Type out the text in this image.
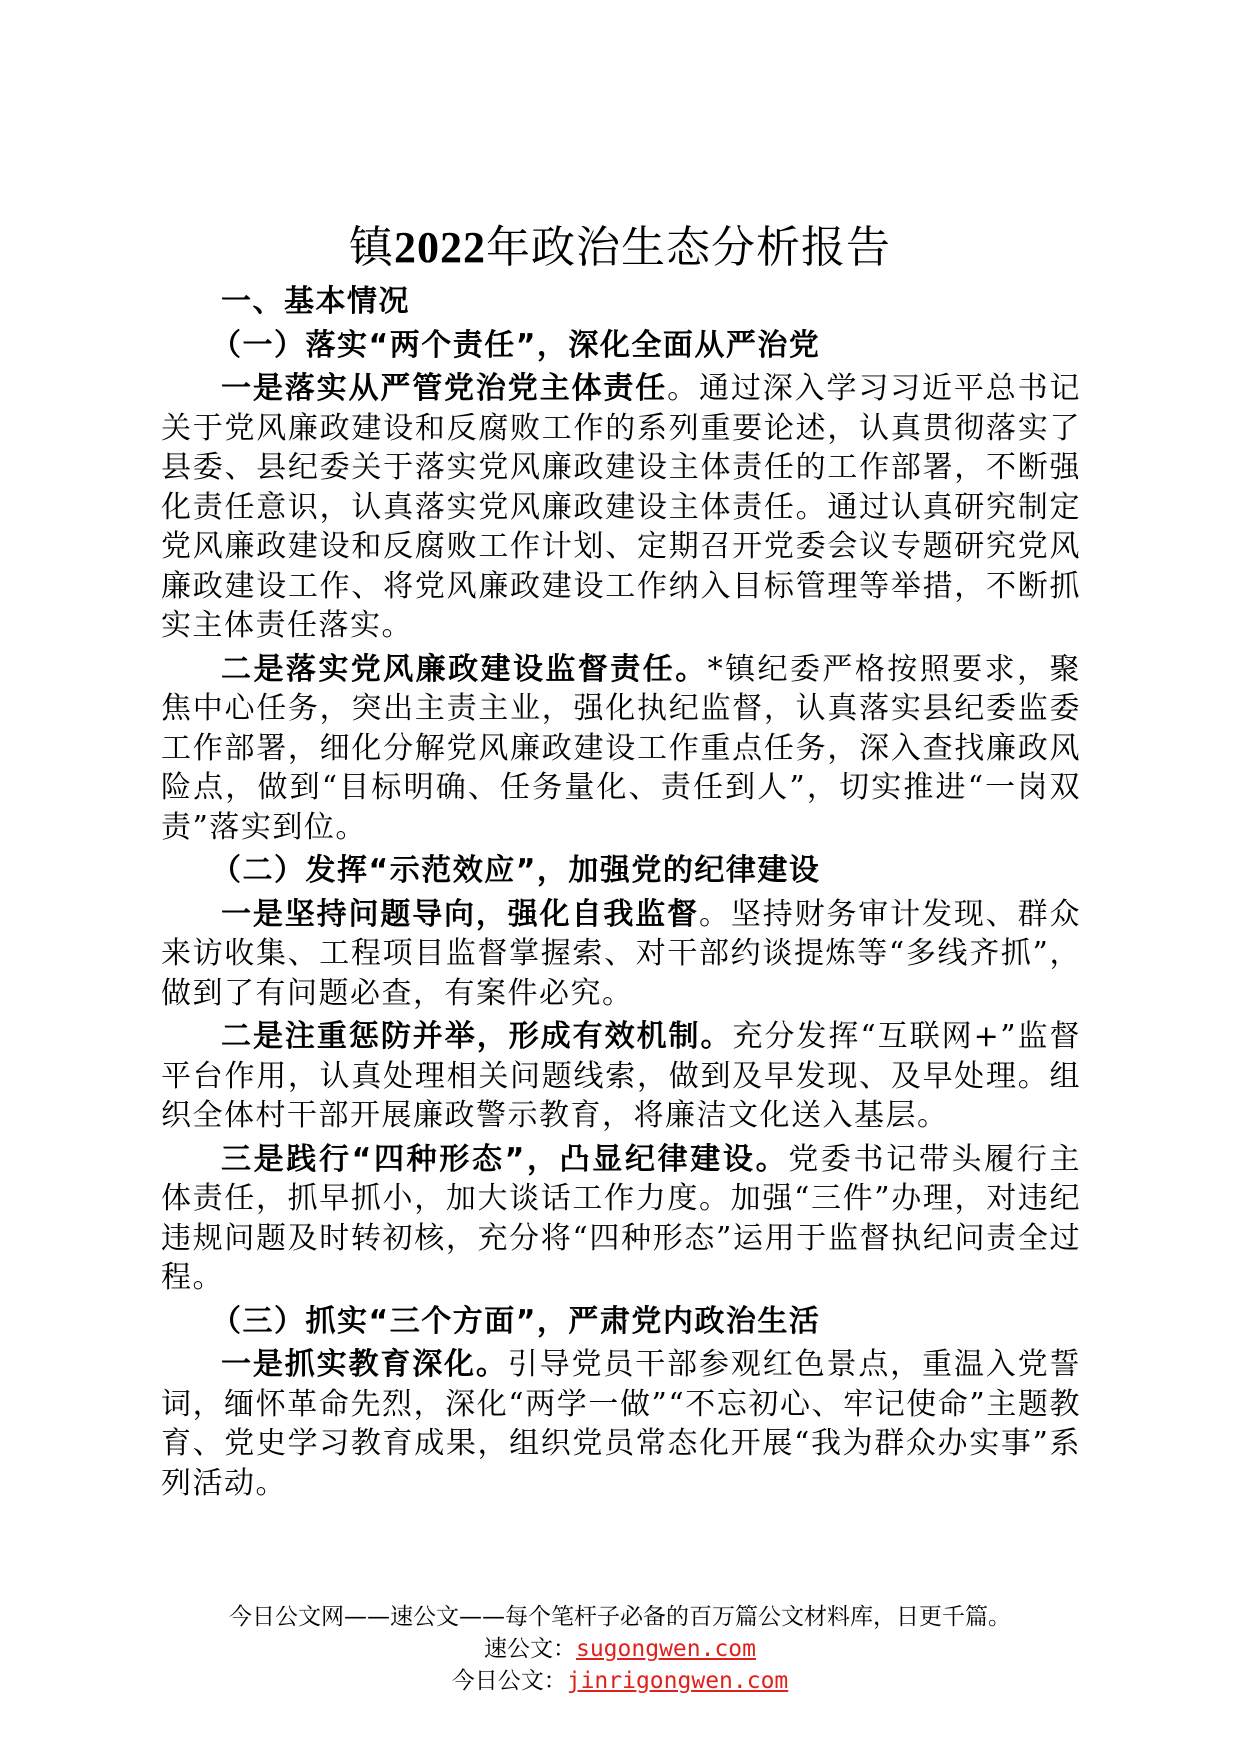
镇2022年政治生态分析报告
一、基本情况
（一）落实“两个责任”，深化全面从严治党

一是落实从严管党治党主体责任。通过深入学习习近平总书记关于党风廉政建设和反腐败工作的系列重要论述，认真贯彻落实了县委、县纪委关于落实党风廉政建设主体责任的工作部署，不断强化责任意识，认真落实党风廉政建设主体责任。通过认真研究制定党风廉政建设和反腐败工作计划、定期召开党委会议专题研究党风廉政建设工作、将党风廉政建设工作纳入目标管理等举措，不断抓实主体责任落实。

二是落实党风廉政建设监督责任。*镇纪委严格按照要求，聚焦中心任务，突出主责主业，强化执纪监督，认真落实县纪委监委工作部署，细化分解党风廉政建设工作重点任务，深入查找廉政风险点，做到“目标明确、任务量化、责任到人”，切实推进“一岗双责”落实到位。

（二）发挥“示范效应”，加强党的纪律建设

一是坚持问题导向，强化自我监督。坚持财务审计发现、群众来访收集、工程项目监督掌握索、对干部约谈提炼等“多线齐抓”，做到了有问题必查，有案件必究。

二是注重惩防并举，形成有效机制。充分发挥“互联网+”监督平台作用，认真处理相关问题线索，做到及早发现、及早处理。组织全体村干部开展廉政警示教育，将廉洁文化送入基层。

三是践行“四种形态”，凸显纪律建设。党委书记带头履行主体责任，抓早抓小，加大谈话工作力度。加强“三件”办理，对违纪违规问题及时转初核，充分将“四种形态”运用于监督执纪问责全过程。

（三）抓实“三个方面”，严肃党内政治生活

一是抓实教育深化。引导党员干部参观红色景点，重温入党誓词，缅怀革命先烈，深化“两学一做”“不忘初心、牢记使命”主题教育、党史学习教育成果，组织党员常态化开展“我为群众办实事”系列活动。

今日公文网——速公文——每个笔杆子必备的百万篇公文材料库，日更千篇。
速公文：sugongwen.com
今日公文：jinrigongwen.com
